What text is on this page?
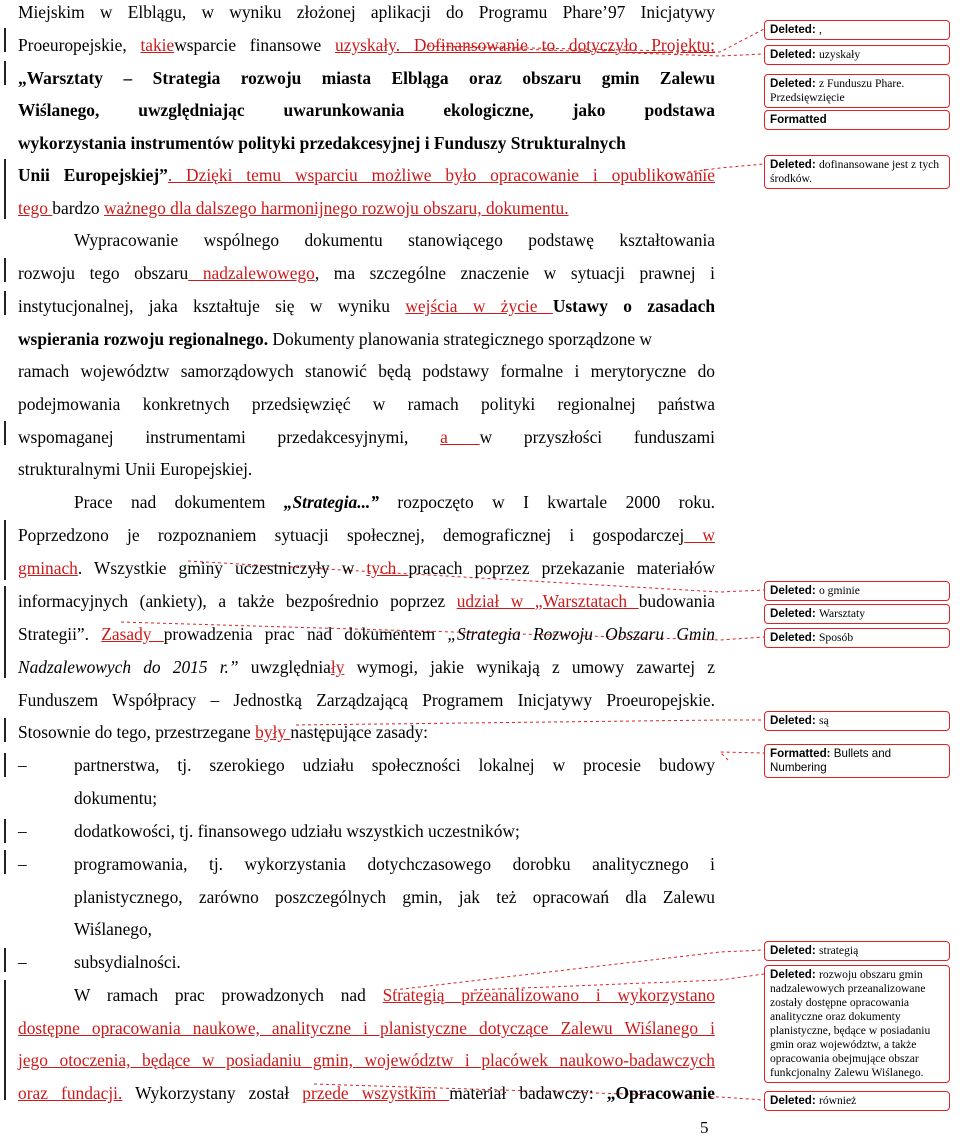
Miejskim w Elblągu, w wyniku złożonej aplikacji do Programu Phare’97 Inicjatywy
Proeuropejskie, takiewsparcie finansowe uzyskały. Dofinansowanie to dotyczyło Projektu:
„Warsztaty – Strategia rozwoju miasta Elbląga oraz obszaru gmin Zalewu
Wiślanego, uwzględniając uwarunkowania ekologiczne, jako podstawa
wykorzystania instrumentów polityki przedakcesyjnej i Funduszy Strukturalnych
Unii Europejskiej”. Dzięki temu wsparciu możliwe było opracowanie i opublikowanie
tego bardzo ważnego dla dalszego harmonijnego rozwoju obszaru, dokumentu.
Wypracowanie wspólnego dokumentu stanowiącego podstawę kształtowania
rozwoju tego obszaru nadzalewowego, ma szczególne znaczenie w sytuacji prawnej i
instytucjonalnej, jaka kształtuje się w wyniku wejścia w życie Ustawy o zasadach
wspierania rozwoju regionalnego. Dokumenty planowania strategicznego sporządzone w
ramach województw samorządowych stanowić będą podstawy formalne i merytoryczne do
podejmowania konkretnych przedsięwzięć w ramach polityki regionalnej państwa
wspomaganej instrumentami przedakcesyjnymi, a w przyszłości funduszami
strukturalnymi Unii Europejskiej.
Prace nad dokumentem „Strategia...” rozpoczęto w I kwartale 2000 roku.
Poprzedzono je rozpoznaniem sytuacji społecznej, demograficznej i gospodarczej w
gminach. Wszystkie gminy uczestniczyły w tych pracach poprzez przekazanie materiałów
informacyjnych (ankiety), a także bezpośrednio poprzez udział w „Warsztatach budowania
Strategii”. Zasady prowadzenia prac nad dokumentem „Strategia Rozwoju Obszaru Gmin
Nadzalewowych do 2015 r.” uwzględniały wymogi, jakie wynikają z umowy zawartej z
Funduszem Współpracy – Jednostką Zarządzającą Programem Inicjatywy Proeuropejskie.
Stosownie do tego, przestrzegane były następujące zasady:
–	partnerstwa, tj. szerokiego udziału społeczności lokalnej w procesie budowy
dokumentu;
–	dodatkowości, tj. finansowego udziału wszystkich uczestników;
–	programowania, tj. wykorzystania dotychczasowego dorobku analitycznego i
planistycznego, zarówno poszczególnych gmin, jak też opracowań dla Zalewu
Wiślanego,
–	subsydialności.
W ramach prac prowadzonych nad Strategią przeanalizowano i wykorzystano
dostępne opracowania naukowe, analityczne i planistyczne dotyczące Zalewu Wiślanego i
jego otoczenia, będące w posiadaniu gmin, województw i placówek naukowo-badawczych
oraz fundacji. Wykorzystany został przede wszystkim materiał badawczy: „Opracowanie
Deleted: ,
Deleted: uzyskały
Deleted: z Funduszu Phare. Przedsięwzięcie
Formatted
Deleted: dofinansowane jest z tych środków.
Deleted: o gminie
Deleted: Warsztaty
Deleted: Sposób
Deleted: są
Formatted: Bullets and Numbering
Deleted: strategią
Deleted: rozwoju obszaru gmin nadzalewowych przeanalizowane zostały dostępne opracowania analityczne oraz dokumenty planistyczne, będące w posiadaniu gmin oraz województw, a także opracowania obejmujące obszar funkcjonalny Zalewu Wiślanego.
Deleted: również
5
